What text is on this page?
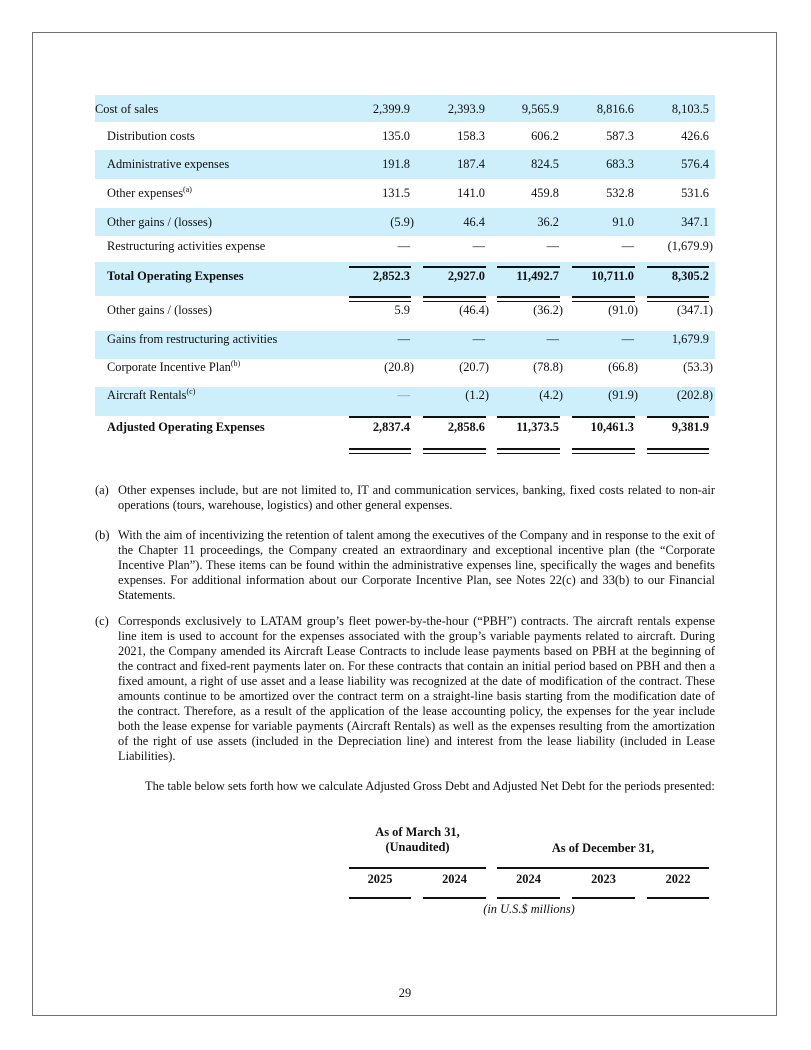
Cost of sales	2,399.9	2,393.9	9,565.9	8,816.6	8,103.5
Distribution costs	135.0	158.3	606.2	587.3	426.6
Administrative expenses	191.8	187.4	824.5	683.3	576.4
Other expenses$^{(a)}$	131.5	141.0	459.8	532.8	531.6
Other gains / (losses)	(5.9)	46.4	36.2	91.0	347.1
Restructuring activities expense	—	—	—	—	(1,679.9)
Total Operating Expenses	2,852.3	2,927.0	11,492.7	10,711.0	8,305.2
Other gains / (losses)	5.9	(46.4)	(36.2)	(91.0)	(347.1)
Gains from restructuring activities	—	—	—	—	1,679.9
Corporate Incentive Plan$^{(b)}$	(20.8)	(20.7)	(78.8)	(66.8)	(53.3)
Aircraft Rentals$^{(c)}$	—	(1.2)	(4.2)	(91.9)	(202.8)
Adjusted Operating Expenses	2,837.4	2,858.6	11,373.5	10,461.3	9,381.9
(a) Other expenses include, but are not limited to, IT and communication services, banking, fixed costs related to non-air operations (tours, warehouse, logistics) and other general expenses.
(b) With the aim of incentivizing the retention of talent among the executives of the Company and in response to the exit of the Chapter 11 proceedings, the Company created an extraordinary and exceptional incentive plan (the “Corporate Incentive Plan”). These items can be found within the administrative expenses line, specifically the wages and benefits expenses. For additional information about our Corporate Incentive Plan, see Notes 22(c) and 33(b) to our Financial Statements.
(c) Corresponds exclusively to LATAM group’s fleet power-by-the-hour (“PBH”) contracts. The aircraft rentals expense line item is used to account for the expenses associated with the group’s variable payments related to aircraft. During 2021, the Company amended its Aircraft Lease Contracts to include lease payments based on PBH at the beginning of the contract and fixed-rent payments later on. For these contracts that contain an initial period based on PBH and then a fixed amount, a right of use asset and a lease liability was recognized at the date of modification of the contract. These amounts continue to be amortized over the contract term on a straight-line basis starting from the modification date of the contract. Therefore, as a result of the application of the lease accounting policy, the expenses for the year include both the lease expense for variable payments (Aircraft Rentals) as well as the expenses resulting from the amortization of the right of use assets (included in the Depreciation line) and interest from the lease liability (included in Lease Liabilities).
The table below sets forth how we calculate Adjusted Gross Debt and Adjusted Net Debt for the periods presented:
As of March 31,
(Unaudited)	As of December 31,
2025	2024	2024	2023	2022
(in U.S.$ millions)
29
